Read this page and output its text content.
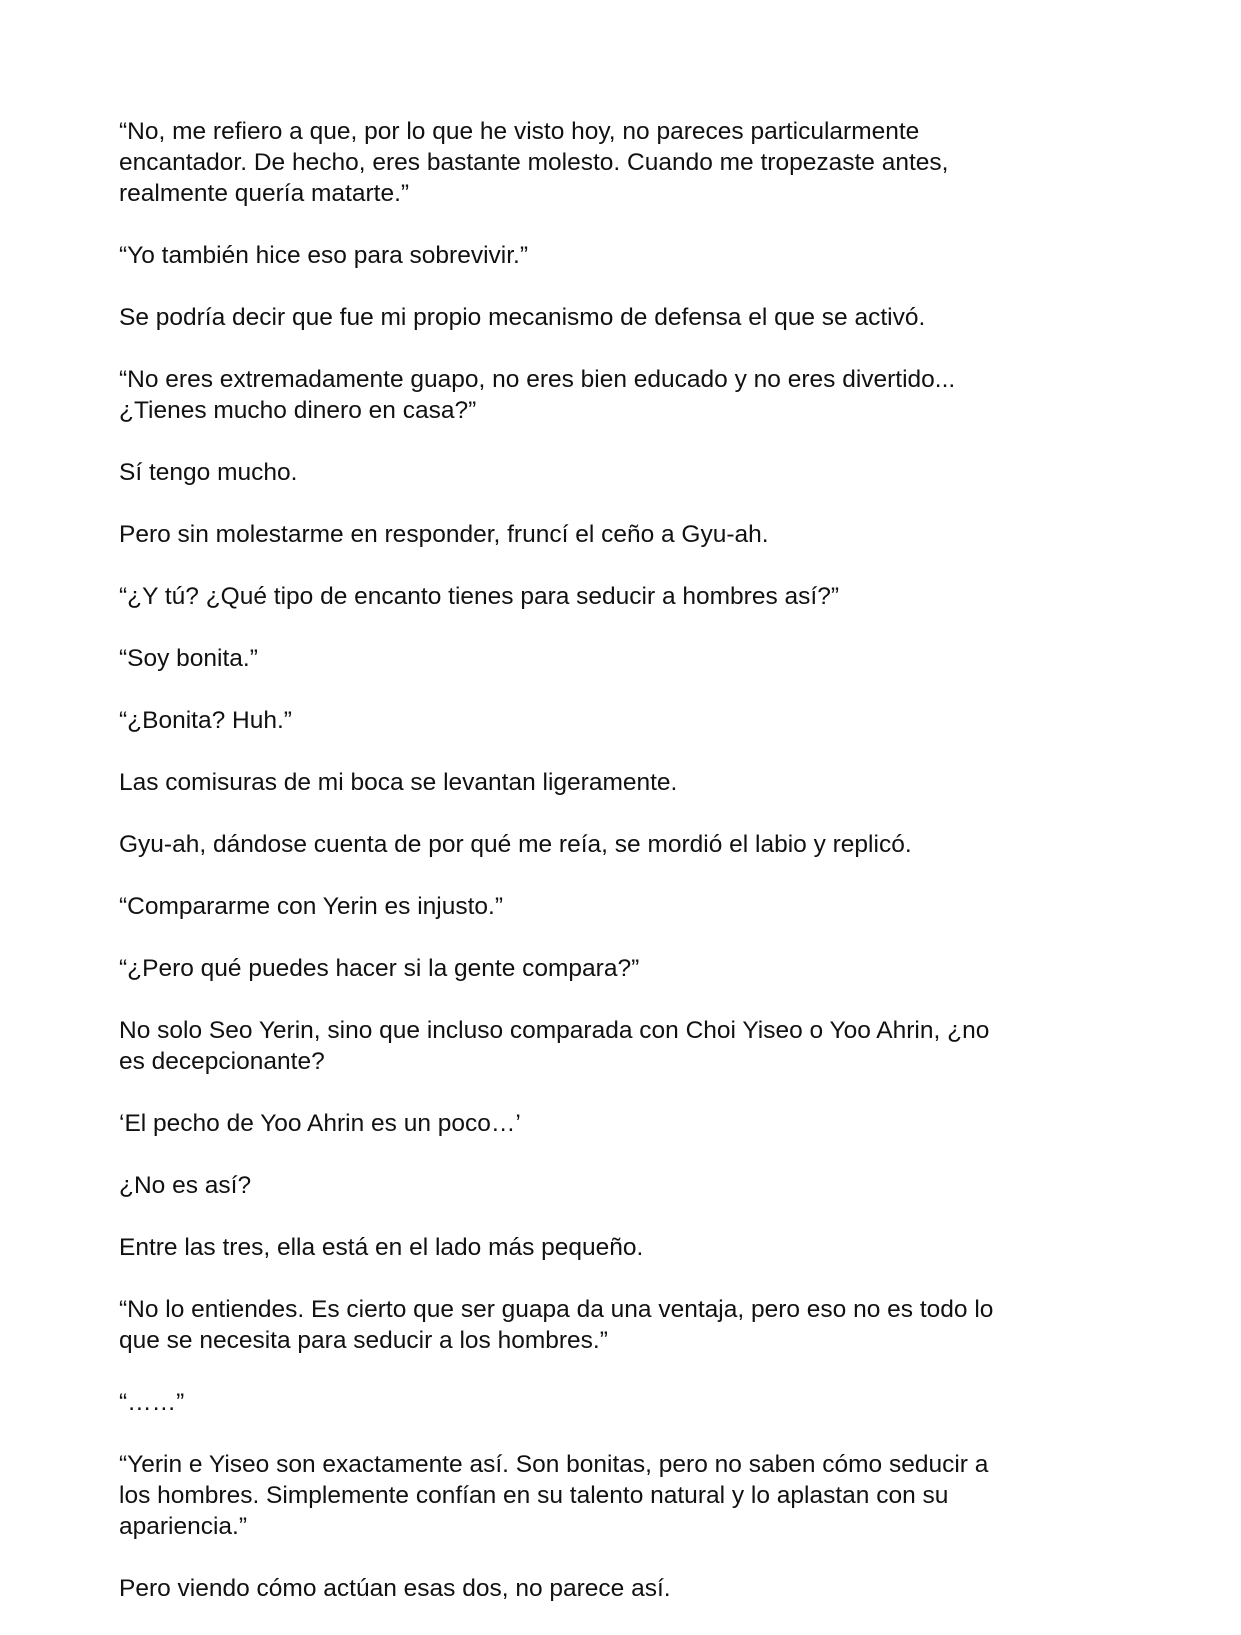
“No, me refiero a que, por lo que he visto hoy, no pareces particularmente
encantador. De hecho, eres bastante molesto. Cuando me tropezaste antes,
realmente quería matarte.”

“Yo también hice eso para sobrevivir.”

Se podría decir que fue mi propio mecanismo de defensa el que se activó.

“No eres extremadamente guapo, no eres bien educado y no eres divertido...
¿Tienes mucho dinero en casa?”

Sí tengo mucho.

Pero sin molestarme en responder, fruncí el ceño a Gyu-ah.

“¿Y tú? ¿Qué tipo de encanto tienes para seducir a hombres así?”

“Soy bonita.”

“¿Bonita? Huh.”

Las comisuras de mi boca se levantan ligeramente.

Gyu-ah, dándose cuenta de por qué me reía, se mordió el labio y replicó.

“Compararme con Yerin es injusto.”

“¿Pero qué puedes hacer si la gente compara?”

No solo Seo Yerin, sino que incluso comparada con Choi Yiseo o Yoo Ahrin, ¿no
es decepcionante?

‘El pecho de Yoo Ahrin es un poco…’

¿No es así?

Entre las tres, ella está en el lado más pequeño.

“No lo entiendes. Es cierto que ser guapa da una ventaja, pero eso no es todo lo
que se necesita para seducir a los hombres.”

“……”

“Yerin e Yiseo son exactamente así. Son bonitas, pero no saben cómo seducir a
los hombres. Simplemente confían en su talento natural y lo aplastan con su
apariencia.”

Pero viendo cómo actúan esas dos, no parece así.
